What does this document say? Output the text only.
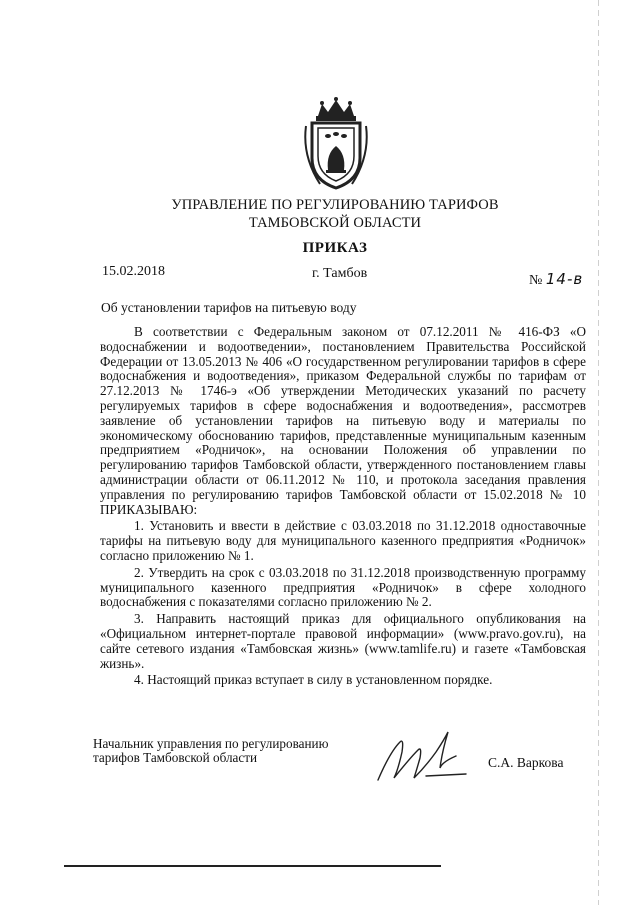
УПРАВЛЕНИЕ ПО РЕГУЛИРОВАНИЮ ТАРИФОВ
ТАМБОВСКОЙ ОБЛАСТИ
ПРИКАЗ
15.02.2018	г. Тамбов	№ 14-в
Об установлении тарифов на питьевую воду

В соответствии с Федеральным законом от 07.12.2011 № 416-ФЗ «О водоснабжении и водоотведении», постановлением Правительства Российской Федерации от 13.05.2013 № 406 «О государственном регулировании тарифов в сфере водоснабжения и водоотведения», приказом Федеральной службы по тарифам от 27.12.2013 № 1746-э «Об утверждении Методических указаний по расчету регулируемых тарифов в сфере водоснабжения и водоотведения», рассмотрев заявление об установлении тарифов на питьевую воду и материалы по экономическому обоснованию тарифов, представленные муниципальным казенным предприятием «Родничок», на основании Положения об управлении по регулированию тарифов Тамбовской области, утвержденного постановлением главы администрации области от 06.11.2012 № 110, и протокола заседания правления управления по регулированию тарифов Тамбовской области от 15.02.2018 № 10 ПРИКАЗЫВАЮ:

1. Установить и ввести в действие с 03.03.2018 по 31.12.2018 одноставочные тарифы на питьевую воду для муниципального казенного предприятия «Родничок» согласно приложению № 1.

2. Утвердить на срок с 03.03.2018 по 31.12.2018 производственную программу муниципального казенного предприятия «Родничок» в сфере холодного водоснабжения с показателями согласно приложению № 2.

3. Направить настоящий приказ для официального опубликования на «Официальном интернет-портале правовой информации» (www.pravo.gov.ru), на сайте сетевого издания «Тамбовская жизнь» (www.tamlife.ru) и газете «Тамбовская жизнь».

4. Настоящий приказ вступает в силу в установленном порядке.

Начальник управления по регулированию
тарифов Тамбовской области	С.А. Варкова
